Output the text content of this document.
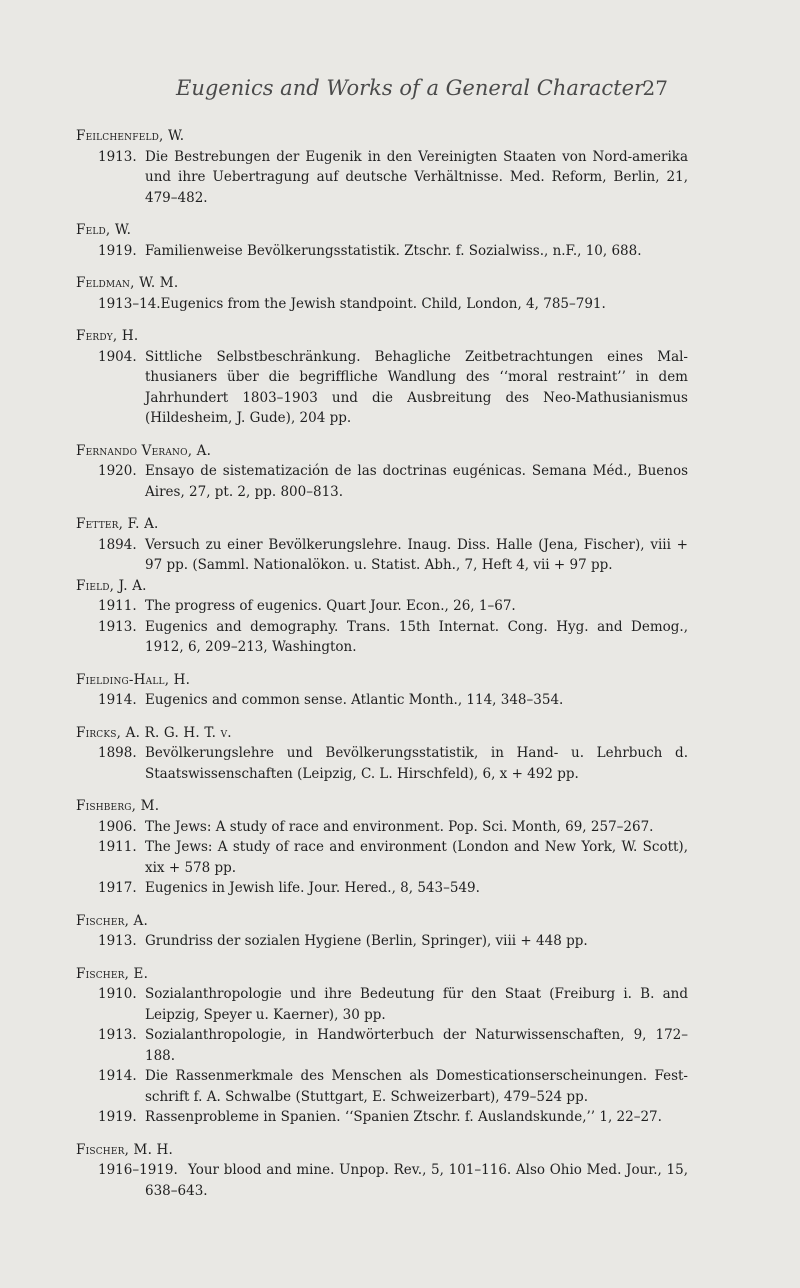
Eugenics and Works of a General Character
27
Feilchenfeld, W.
1913. Die Bestrebungen der Eugenik in den Vereinigten Staaten von Nord-amerika und ihre Uebertragung auf deutsche Verhältnisse. Med. Reform, Berlin, 21, 479–482.
Feld, W.
1919. Familienweise Bevölkerungsstatistik. Ztschr. f. Sozialwiss., n.F., 10, 688.
Feldman, W. M.
1913–14.Eugenics from the Jewish standpoint. Child, London, 4, 785–791.
Ferdy, H.
1904. Sittliche Selbstbeschränkung. Behagliche Zeitbetrachtungen eines Mal-thusianers über die begriffliche Wandlung des ‘‘moral restraint’’ in dem Jahrhundert 1803–1903 und die Ausbreitung des Neo-Mathusianismus (Hildesheim, J. Gude), 204 pp.
Fernando Verano, A.
1920. Ensayo de sistematización de las doctrinas eugénicas. Semana Méd., Buenos Aires, 27, pt. 2, pp. 800–813.
Fetter, F. A.
1894. Versuch zu einer Bevölkerungslehre. Inaug. Diss. Halle (Jena, Fischer), viii + 97 pp. (Samml. Nationalökon. u. Statist. Abh., 7, Heft 4, vii + 97 pp.
Field, J. A.
1911. The progress of eugenics. Quart Jour. Econ., 26, 1–67.
1913. Eugenics and demography. Trans. 15th Internat. Cong. Hyg. and Demog., 1912, 6, 209–213, Washington.
Fielding-Hall, H.
1914. Eugenics and common sense. Atlantic Month., 114, 348–354.
Fircks, A. R. G. H. T. v.
1898. Bevölkerungslehre und Bevölkerungsstatistik, in Hand- u. Lehrbuch d. Staatswissenschaften (Leipzig, C. L. Hirschfeld), 6, x + 492 pp.
Fishberg, M.
1906. The Jews: A study of race and environment. Pop. Sci. Month, 69, 257–267.
1911. The Jews: A study of race and environment (London and New York, W. Scott), xix + 578 pp.
1917. Eugenics in Jewish life. Jour. Hered., 8, 543–549.
Fischer, A.
1913. Grundriss der sozialen Hygiene (Berlin, Springer), viii + 448 pp.
Fischer, E.
1910. Sozialanthropologie und ihre Bedeutung für den Staat (Freiburg i. B. and Leipzig, Speyer u. Kaerner), 30 pp.
1913. Sozialanthropologie, in Handwörterbuch der Naturwissenschaften, 9, 172–188.
1914. Die Rassenmerkmale des Menschen als Domesticationserscheinungen. Fest-schrift f. A. Schwalbe (Stuttgart, E. Schweizerbart), 479–524 pp.
1919. Rassenprobleme in Spanien. ‘‘Spanien Ztschr. f. Auslandskunde,’’ 1, 22–27.
Fischer, M. H.
1916–1919. Your blood and mine. Unpop. Rev., 5, 101–116. Also Ohio Med. Jour., 15, 638–643.
